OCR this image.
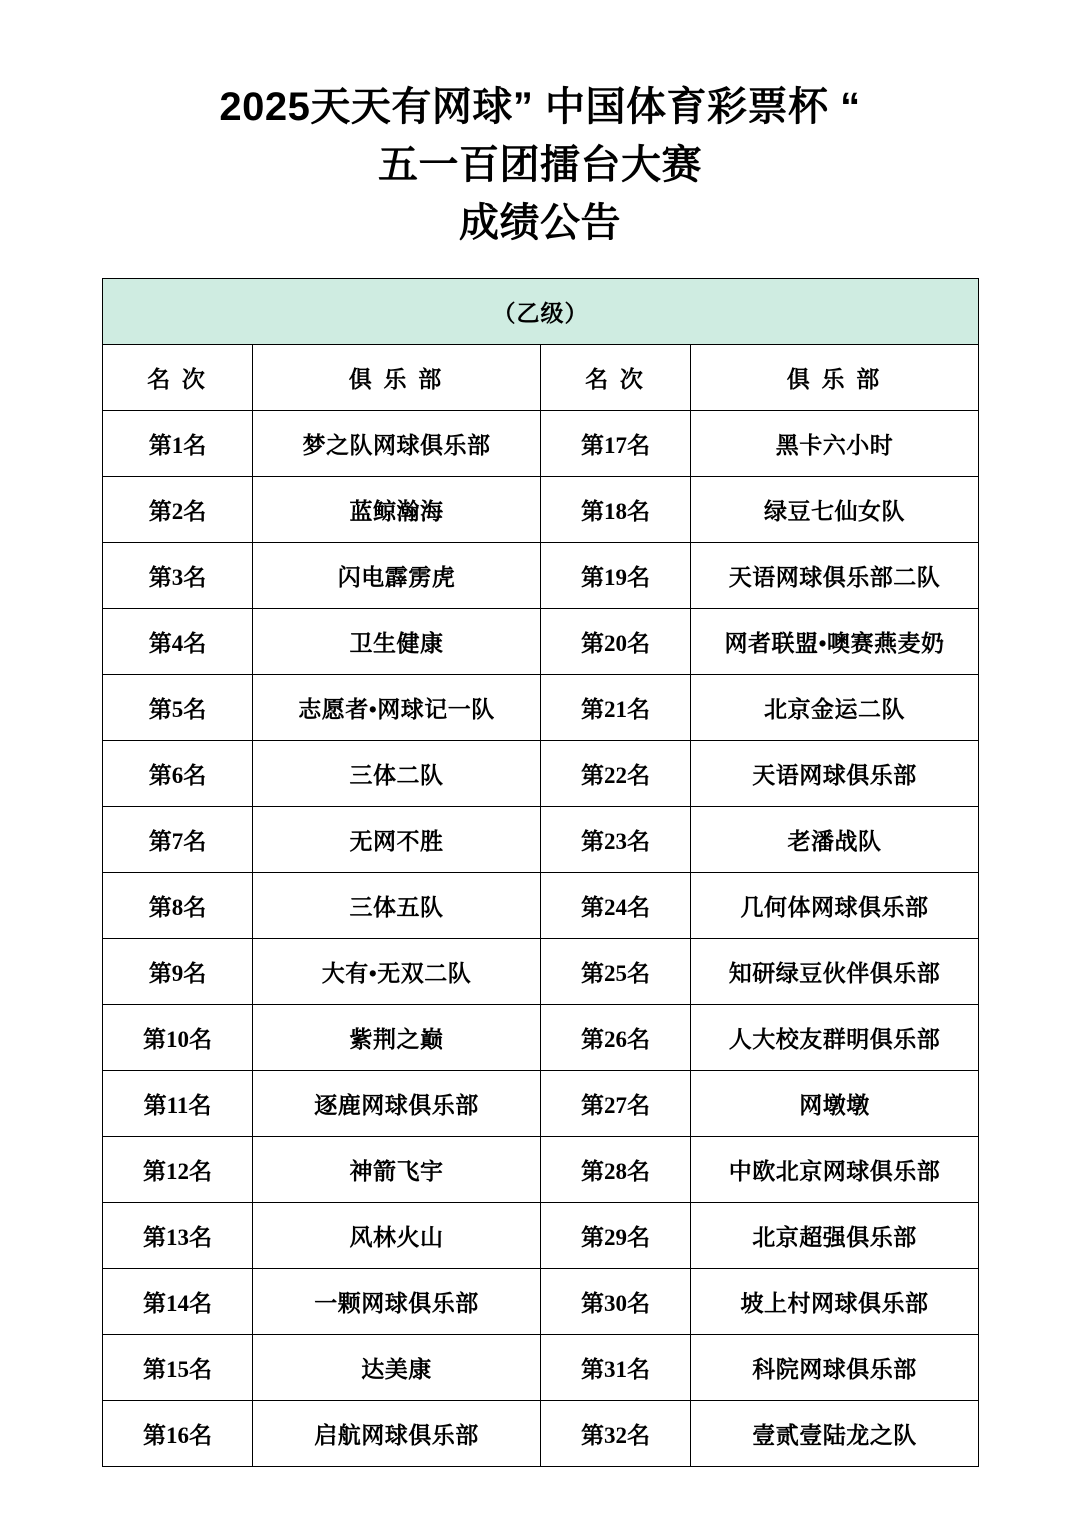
2025天天有网球” 中国体育彩票杯 “
五一百团擂台大赛
成绩公告
（乙级）			
名 次	俱 乐 部	名 次	俱 乐 部
第1名	梦之队网球俱乐部	第17名	黑卡六小时
第2名	蓝鲸瀚海	第18名	绿豆七仙女队
第3名	闪电霹雳虎	第19名	天语网球俱乐部二队
第4名	卫生健康	第20名	网者联盟•噢赛燕麦奶
第5名	志愿者•网球记一队	第21名	北京金运二队
第6名	三体二队	第22名	天语网球俱乐部
第7名	无网不胜	第23名	老潘战队
第8名	三体五队	第24名	几何体网球俱乐部
第9名	大有•无双二队	第25名	知研绿豆伙伴俱乐部
第10名	紫荆之巅	第26名	人大校友群明俱乐部
第11名	逐鹿网球俱乐部	第27名	网墩墩
第12名	神箭飞宇	第28名	中欧北京网球俱乐部
第13名	风林火山	第29名	北京超强俱乐部
第14名	一颗网球俱乐部	第30名	坡上村网球俱乐部
第15名	达美康	第31名	科院网球俱乐部
第16名	启航网球俱乐部	第32名	壹贰壹陆龙之队
